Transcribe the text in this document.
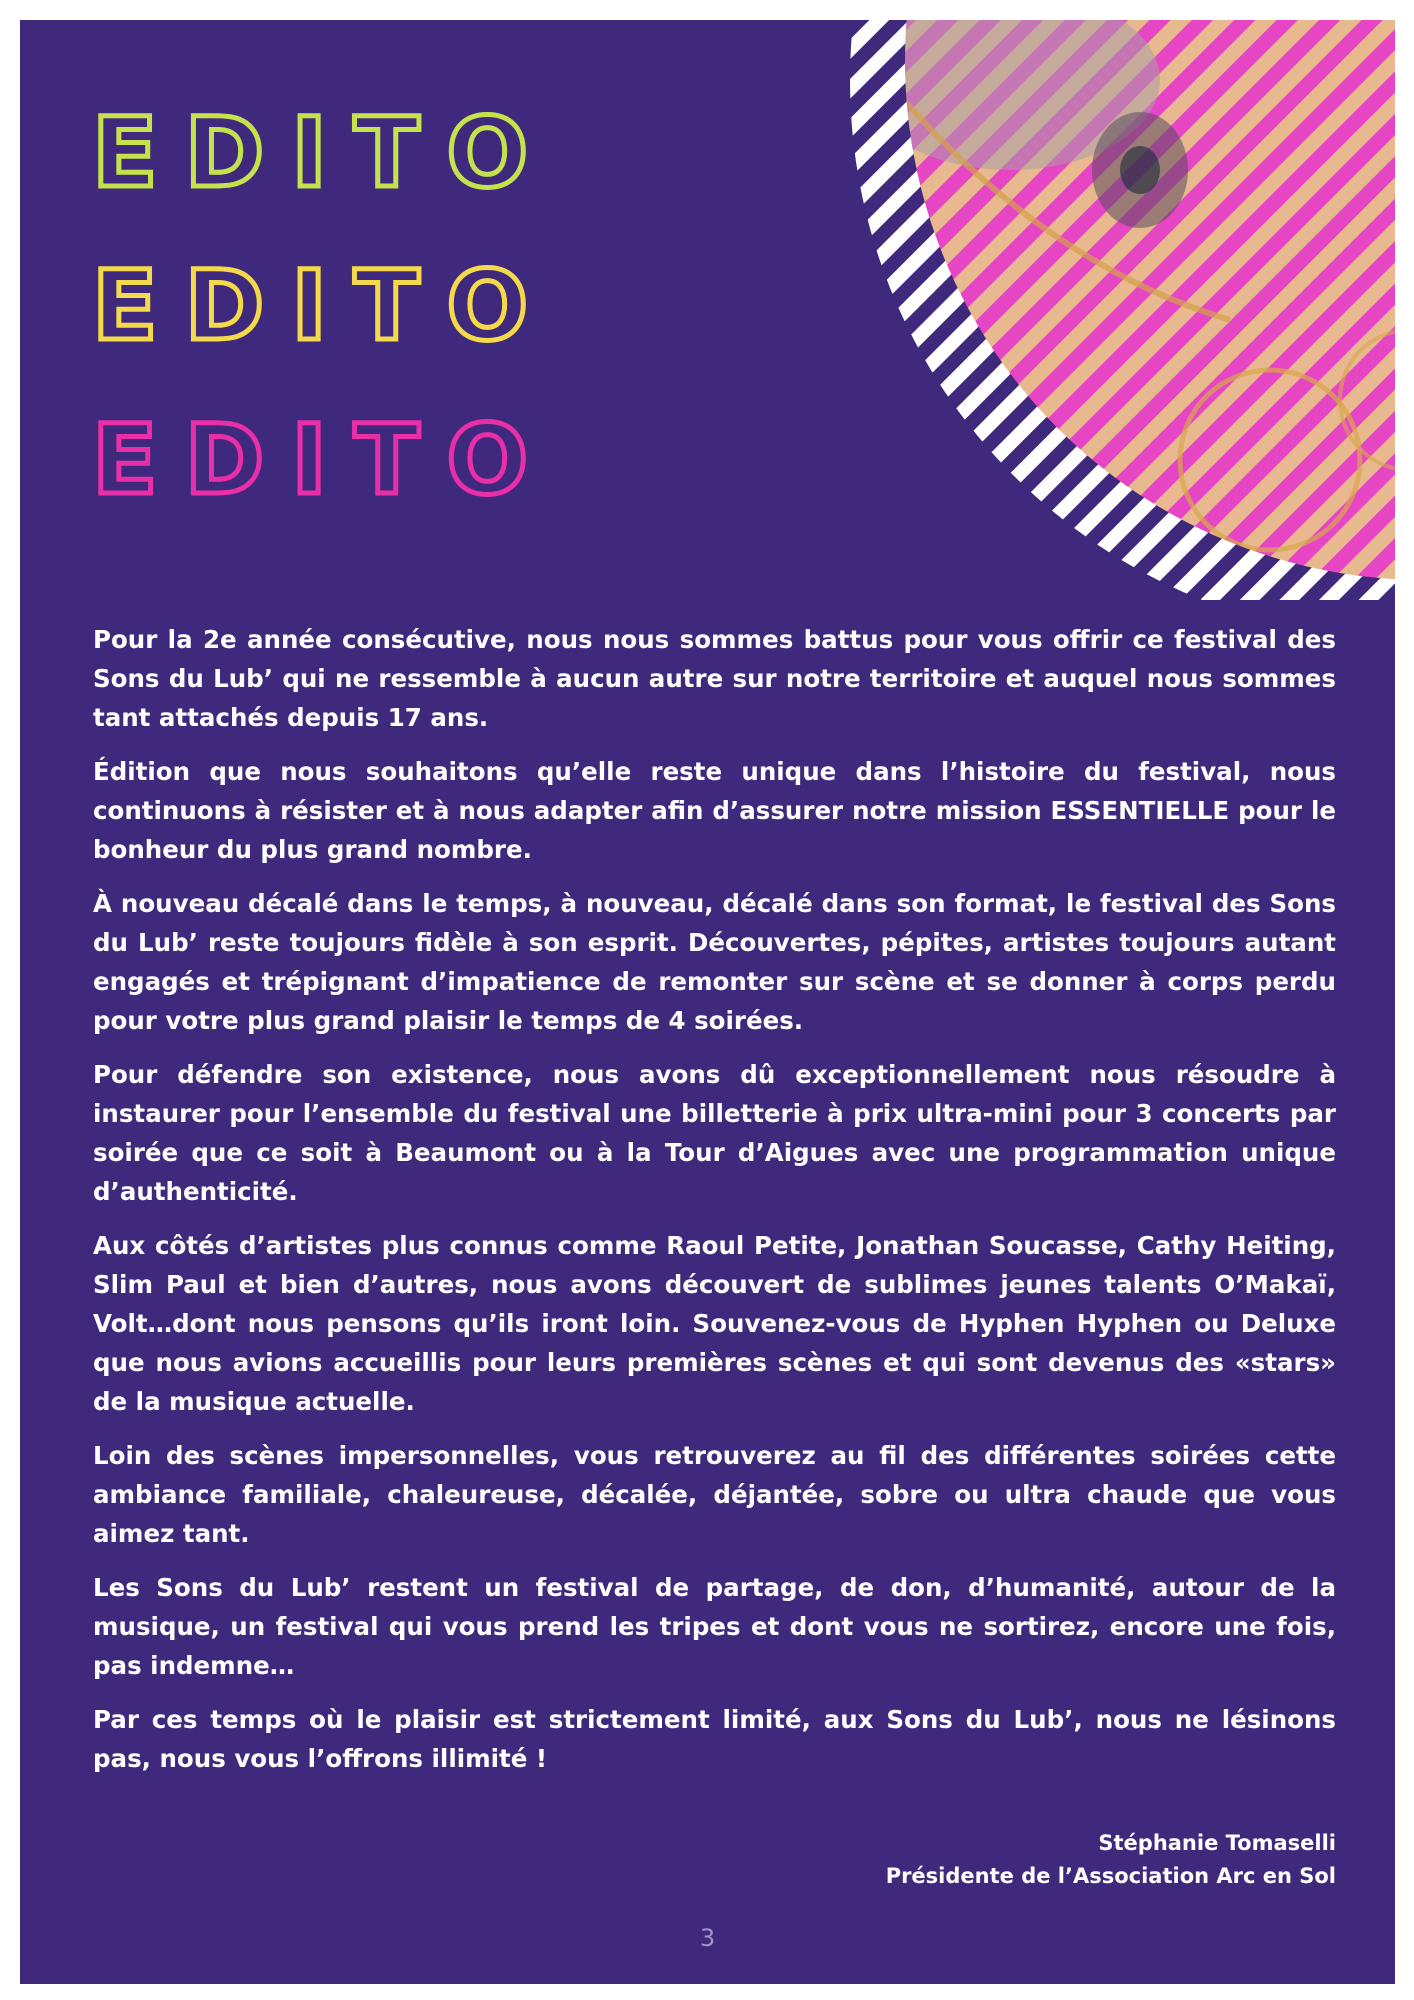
EDITO
EDITO
EDITO

Pour la 2e année consécutive, nous nous sommes battus pour vous offrir ce festival des Sons du Lub’ qui ne ressemble à aucun autre sur notre territoire et auquel nous sommes tant attachés depuis 17 ans.

Édition que nous souhaitons qu’elle reste unique dans l’histoire du festival, nous continuons à résister et à nous adapter afin d’assurer notre mission ESSENTIELLE pour le bonheur du plus grand nombre.

À nouveau décalé dans le temps, à nouveau, décalé dans son format, le festival des Sons du Lub’ reste toujours fidèle à son esprit. Découvertes, pépites, artistes toujours autant engagés et trépignant d’impatience de remonter sur scène et se donner à corps perdu pour votre plus grand plaisir le temps de 4 soirées.

Pour défendre son existence, nous avons dû exceptionnellement nous résoudre à instaurer pour l’ensemble du festival une billetterie à prix ultra-mini pour 3 concerts par soirée que ce soit à Beaumont ou à la Tour d’Aigues avec une programmation unique d’authenticité.

Aux côtés d’artistes plus connus comme Raoul Petite, Jonathan Soucasse, Cathy Heiting, Slim Paul et bien d’autres, nous avons découvert de sublimes jeunes talents O’Makaï, Volt…dont nous pensons qu’ils iront loin. Souvenez-vous de Hyphen Hyphen ou Deluxe que nous avions accueillis pour leurs premières scènes et qui sont devenus des «stars» de la musique actuelle.

Loin des scènes impersonnelles, vous retrouverez au fil des différentes soirées cette ambiance familiale, chaleureuse, décalée, déjantée, sobre ou ultra chaude que vous aimez tant.

Les Sons du Lub’ restent un festival de partage, de don, d’humanité, autour de la musique, un festival qui vous prend les tripes et dont vous ne sortirez, encore une fois, pas indemne…

Par ces temps où le plaisir est strictement limité, aux Sons du Lub’, nous ne lésinons pas, nous vous l’offrons illimité !

Stéphanie Tomaselli
Présidente de l’Association Arc en Sol
3
